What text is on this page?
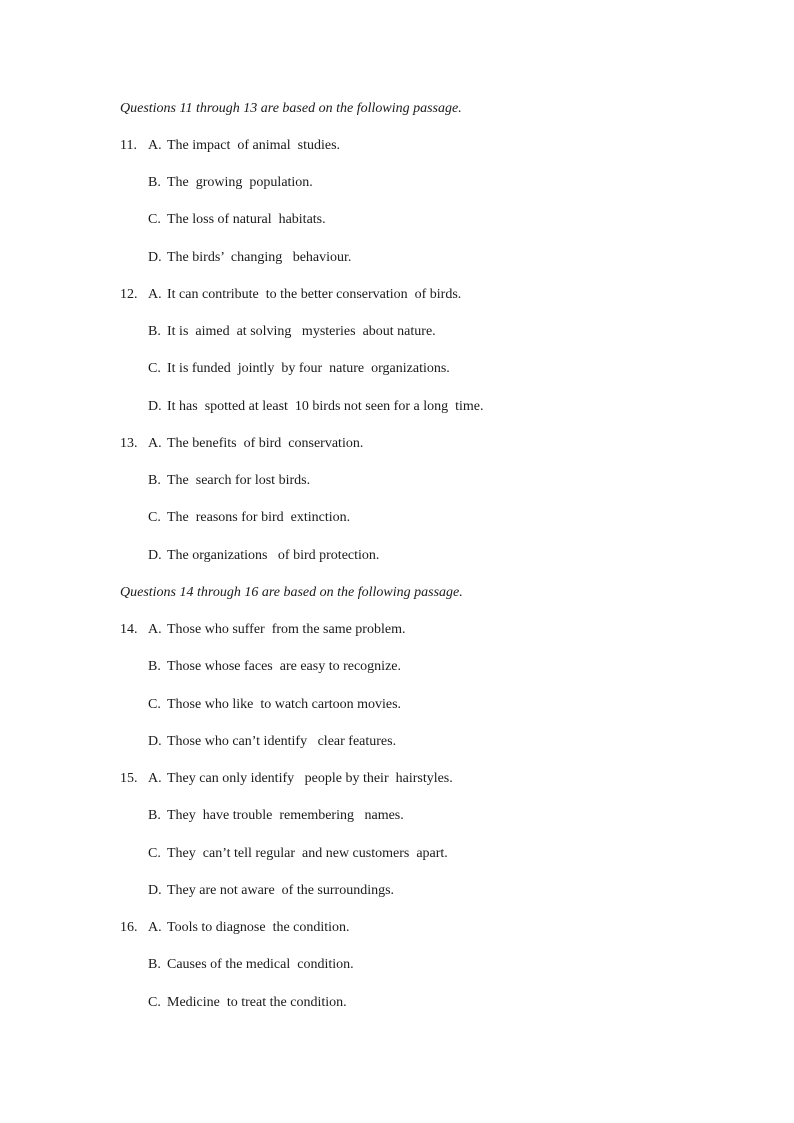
Questions 11 through 13 are based on the following passage.
11. A. The impact  of animal  studies.
B. The  growing  population.
C. The loss of natural  habitats.
D. The birds’  changing   behaviour.
12. A. It can contribute  to the better conservation  of birds.
B. It is  aimed  at solving   mysteries  about nature.
C. It is funded  jointly  by four  nature  organizations.
D. It has  spotted at least  10 birds not seen for a long  time.
13. A. The benefits  of bird  conservation.
B. The  search for lost birds.
C. The  reasons for bird  extinction.
D. The organizations   of bird protection.
Questions 14 through 16 are based on the following passage.
14. A. Those who suffer  from the same problem.
B. Those whose faces  are easy to recognize.
C. Those who like  to watch cartoon movies.
D. Those who can’t identify   clear features.
15. A. They can only identify   people by their  hairstyles.
B. They  have trouble  remembering   names.
C. They  can’t tell regular  and new customers  apart.
D. They are not aware  of the surroundings.
16. A. Tools to diagnose  the condition.
B. Causes of the medical  condition.
C. Medicine  to treat the condition.
